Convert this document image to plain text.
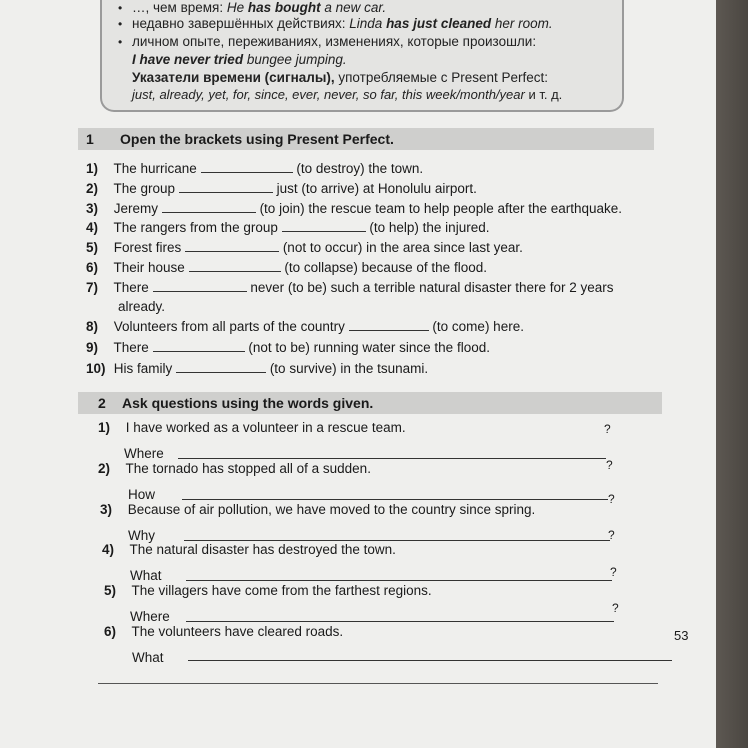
• …, чем время: He has bought a new car.
• недавно завершённых действиях: Linda has just cleaned her room.
• личном опыте, переживаниях, изменениях, которые произошли:
I have never tried bungee jumping.
Указатели времени (сигналы), употребляемые с Present Perfect:
just, already, yet, for, since, ever, never, so far, this week/month/year и т. д.
1	Open the brackets using Present Perfect.
1) The hurricane	(to destroy) the town.
2) The group	just (to arrive) at Honolulu airport.
3) Jeremy	(to join) the rescue team to help people after the earthquake.
4) The rangers from the group	(to help) the injured.
5) Forest fires	(not to occur) in the area since last year.
6) Their house	(to collapse) because of the flood.
7) There	never (to be) such a terrible natural disaster there for 2 years
already.
8) Volunteers from all parts of the country	(to come) here.
9) There	(not to be) running water since the flood.
10) His family	(to survive) in the tsunami.
2	Ask questions using the words given.
1) I have worked as a volunteer in a rescue team.	?
Where
2) The tornado has stopped all of a sudden.	?
How
3) Because of air pollution, we have moved to the country since spring.
?
Why
4) The natural disaster has destroyed the town.
?
What
5) The villagers have come from the farthest regions.
?
Where
6) The volunteers have cleared roads.
?
What
53
